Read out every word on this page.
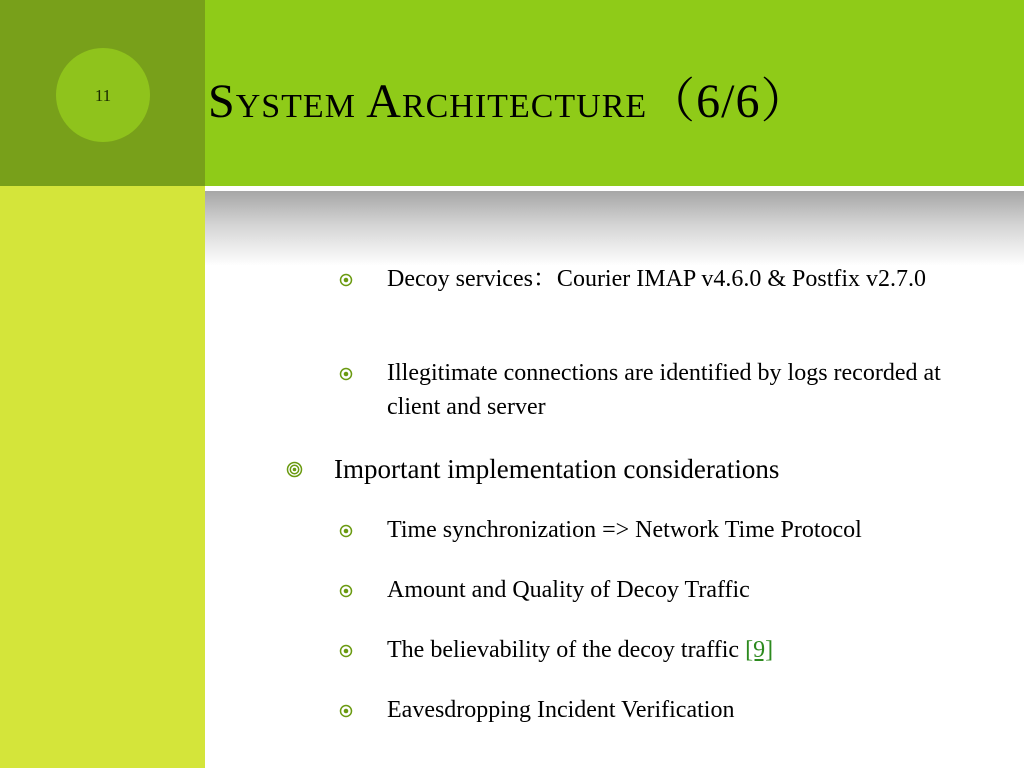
11	System Architecture（6/6）
Decoy services：Courier IMAP v4.6.0 & Postfix v2.7.0
Illegitimate connections are identified by logs recorded at client and server
Important implementation considerations
Time synchronization => Network Time Protocol
Amount and Quality of Decoy Traffic
The believability of the decoy traffic [9]
Eavesdropping Incident Verification
